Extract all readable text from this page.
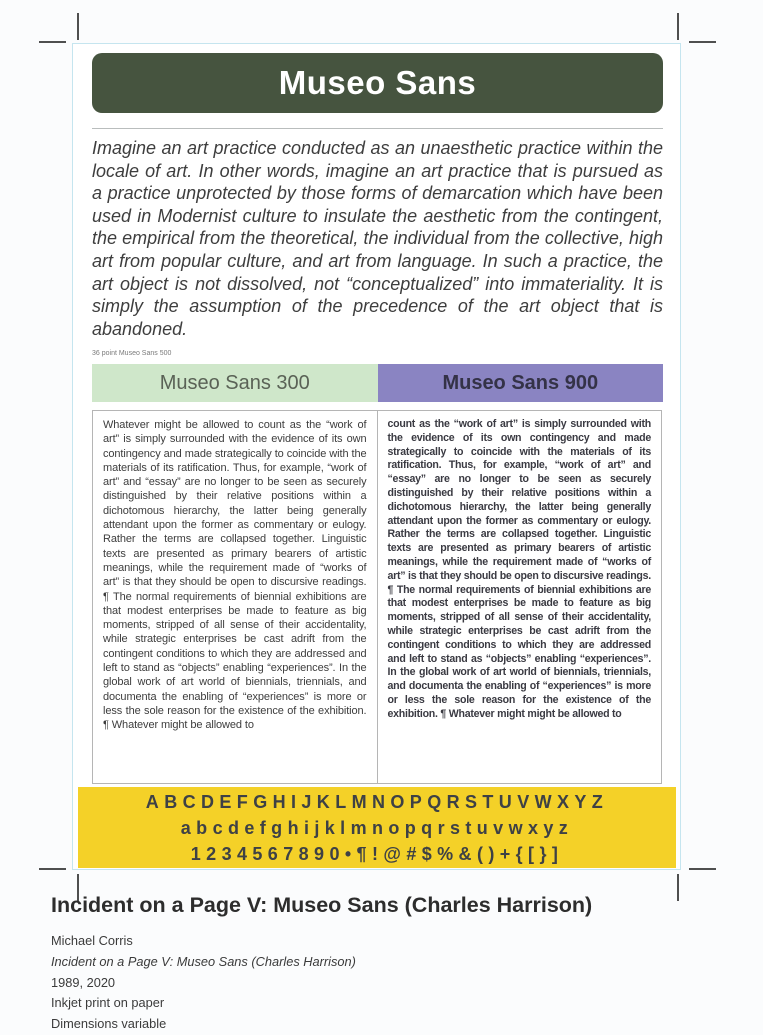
Museo Sans

Imagine an art practice conducted as an unaesthetic practice within the locale of art. In other words, imagine an art practice that is pursued as a practice unprotected by those forms of demarcation which have been used in Modernist culture to insulate the aesthetic from the contingent, the empirical from the theoretical, the individual from the collective, high art from popular culture, and art from language. In such a practice, the art object is not dissolved, not “conceptualized” into immateriality. It is simply the assumption of the precedence of the art object that is abandoned.

36 point Museo Sans 500
Museo Sans 300	Museo Sans 900
Whatever might be allowed to count as the “work of art” is simply surrounded with the evidence of its own contingency and made strategically to coincide with the materials of its ratification. Thus, for example, “work of art” and “essay” are no longer to be seen as securely distinguished by their relative positions within a dichotomous hierarchy, the latter being generally attendant upon the former as commentary or eulogy. Rather the terms are collapsed together. Linguistic texts are presented as primary bearers of artistic meanings, while the requirement made of “works of art” is that they should be open to discursive readings. ¶ The normal requirements of biennial exhibitions are that modest enterprises be made to feature as big moments, stripped of all sense of their accidentality, while strategic enterprises be cast adrift from the contingent conditions to which they are addressed and left to stand as “objects” enabling “experiences”. In the global work of art world of biennials, triennials, and documenta the enabling of “experiences” is more or less the sole reason for the existence of the exhibition. ¶ Whatever might be allowed to
count as the “work of art” is simply surrounded with the evidence of its own contingency and made strategically to coincide with the materials of its ratification. Thus, for example, “work of art” and “essay” are no longer to be seen as securely distinguished by their relative positions within a dichotomous hierarchy, the latter being generally attendant upon the former as commentary or eulogy. Rather the terms are collapsed together. Linguistic texts are presented as primary bearers of artistic meanings, while the requirement made of “works of art” is that they should be open to discursive readings. ¶ The normal requirements of biennial exhibitions are that modest enterprises be made to feature as big moments, stripped of all sense of their accidentality, while strategic enterprises be cast adrift from the contingent conditions to which they are addressed and left to stand as “objects” enabling “experiences”. In the global work of art world of biennials, triennials, and documenta the enabling of “experiences” is more or less the sole reason for the existence of the exhibition. ¶ Whatever might might be allowed to
ABCDEFGHIJKLMNOPQRSTUVWXYZ
abcdefghijklmnopqrstuvwxyz
1234567890•¶!@#$%&()+{[}]
Incident on a Page V: Museo Sans (Charles Harrison)
Michael Corris
Incident on a Page V: Museo Sans (Charles Harrison)
1989, 2020
Inkjet print on paper
Dimensions variable
